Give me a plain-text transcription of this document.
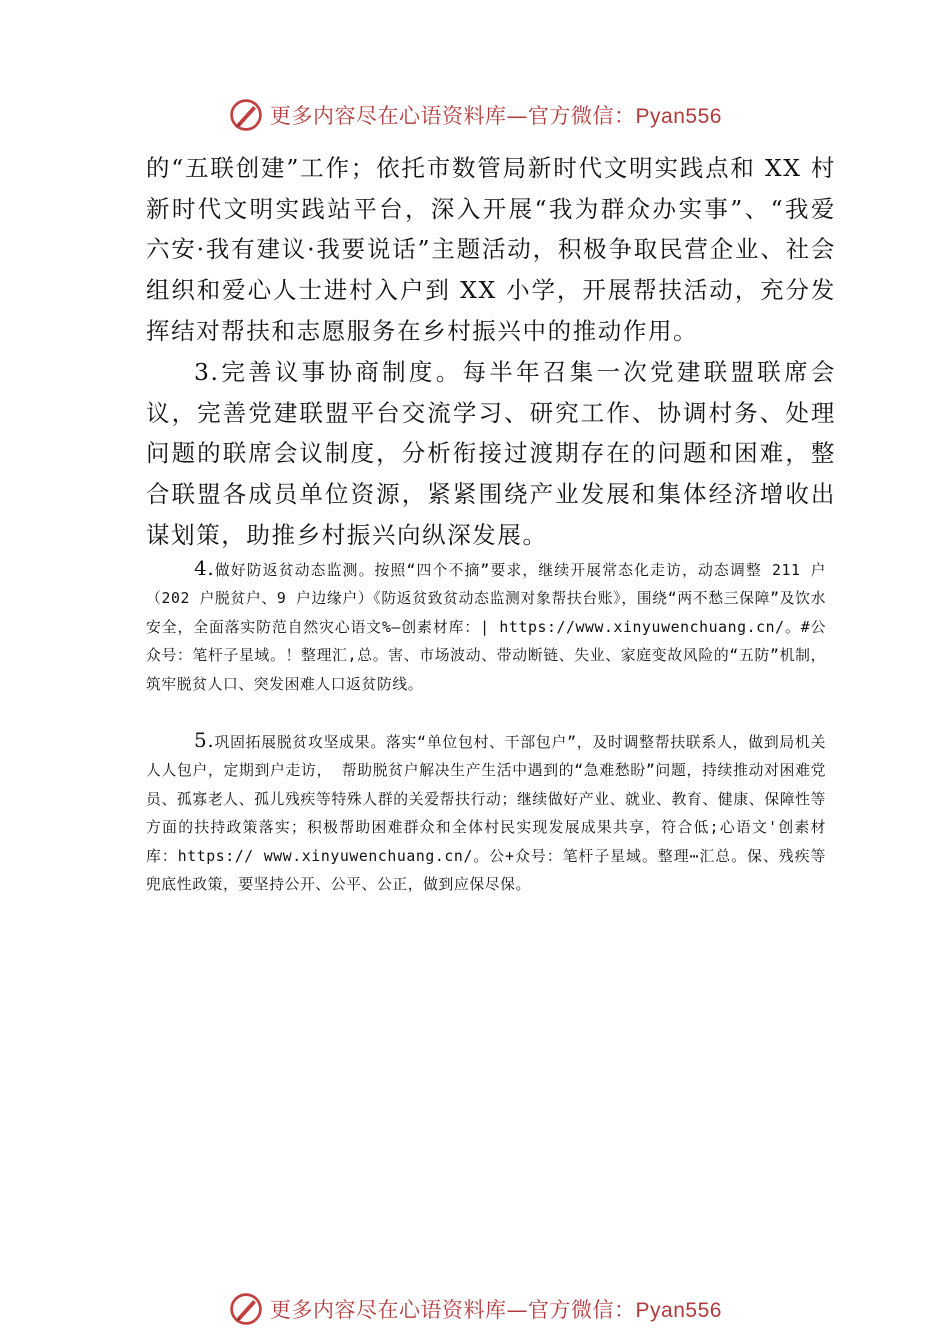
更多内容尽在心语资料库—官方微信：Pyan556

的“五联创建”工作；依托市数管局新时代文明实践点和 XX 村新时代文明实践站平台，深入开展“我为群众办实事”、“我爱六安·我有建议·我要说话”主题活动，积极争取民营企业、社会组织和爱心人士进村入户到 XX 小学，开展帮扶活动，充分发挥结对帮扶和志愿服务在乡村振兴中的推动作用。

3.完善议事协商制度。每半年召集一次党建联盟联席会议，完善党建联盟平台交流学习、研究工作、协调村务、处理问题的联席会议制度，分析衔接过渡期存在的问题和困难，整合联盟各成员单位资源，紧紧围绕产业发展和集体经济增收出谋划策，助推乡村振兴向纵深发展。

4.做好防返贫动态监测。按照“四个不摘”要求，继续开展常态化走访，动态调整 211 户（202 户脱贫户、9 户边缘户）《防返贫致贫动态监测对象帮扶台账》，围绕“两不愁三保障”及饮水安全，全面落实防范自然灾心语文%—创素材库：| https://www.xinyuwenchuang.cn/。#公众号：笔杆子星域。！整理汇,总。害、市场波动、带动断链、失业、家庭变故风险的“五防”机制，筑牢脱贫人口、突发困难人口返贫防线。

5.巩固拓展脱贫攻坚成果。落实“单位包村、干部包户”，及时调整帮扶联系人，做到局机关人人包户，定期到户走访， 帮助脱贫户解决生产生活中遇到的“急难愁盼”问题，持续推动对困难党员、孤寡老人、孤儿残疾等特殊人群的关爱帮扶行动；继续做好产业、就业、教育、健康、保障性等方面的扶持政策落实；积极帮助困难群众和全体村民实现发展成果共享，符合低;心语文'创素材库：https:// www.xinyuwenchuang.cn/。公+众号：笔杆子星域。整理⋯汇总。保、残疾等兜底性政策，要坚持公开、公平、公正，做到应保尽保。

更多内容尽在心语资料库—官方微信：Pyan556
